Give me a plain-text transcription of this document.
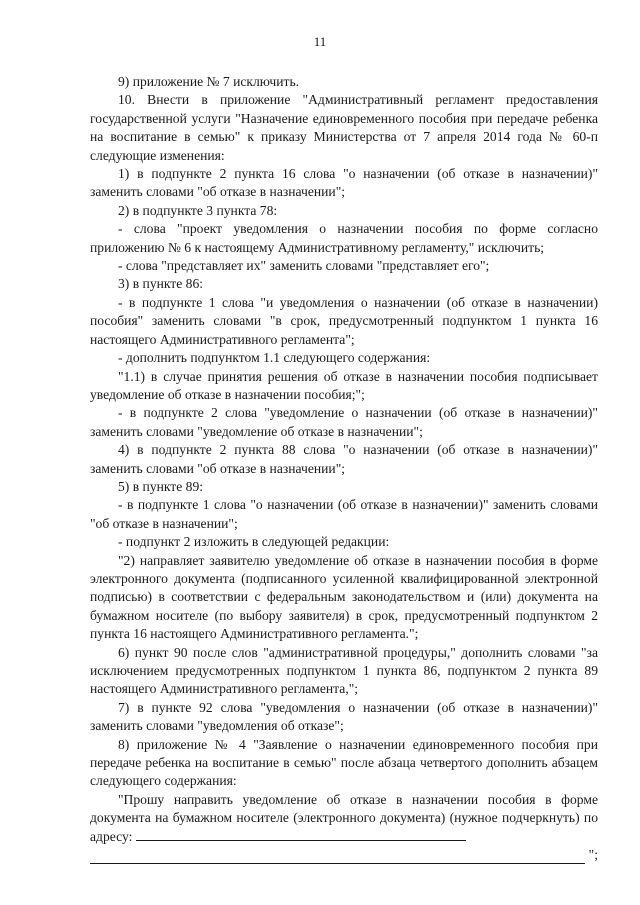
11

9) приложение № 7 исключить.

10. Внести в приложение "Административный регламент предоставления государственной услуги "Назначение единовременного пособия при передаче ребенка на воспитание в семью" к приказу Министерства от 7 апреля 2014 года № 60-п следующие изменения:

1) в подпункте 2 пункта 16 слова "о назначении (об отказе в назначении)" заменить словами "об отказе в назначении";

2) в подпункте 3 пункта 78:

- слова "проект уведомления о назначении пособия по форме согласно приложению № 6 к настоящему Административному регламенту," исключить;

- слова "представляет их" заменить словами "представляет его";

3) в пункте 86:

- в подпункте 1 слова "и уведомления о назначении (об отказе в назначении) пособия" заменить словами "в срок, предусмотренный подпунктом 1 пункта 16 настоящего Административного регламента";

- дополнить подпунктом 1.1 следующего содержания:

"1.1) в случае принятия решения об отказе в назначении пособия подписывает уведомление об отказе в назначении пособия;";

- в подпункте 2 слова "уведомление о назначении (об отказе в назначении)" заменить словами "уведомление об отказе в назначении";

4) в подпункте 2 пункта 88 слова "о назначении (об отказе в назначении)" заменить словами "об отказе в назначении";

5) в пункте 89:

- в подпункте 1 слова "о назначении (об отказе в назначении)" заменить словами "об отказе в назначении";

- подпункт 2 изложить в следующей редакции:

"2) направляет заявителю уведомление об отказе в назначении пособия в форме электронного документа (подписанного усиленной квалифицированной электронной подписью) в соответствии с федеральным законодательством и (или) документа на бумажном носителе (по выбору заявителя) в срок, предусмотренный подпунктом 2 пункта 16 настоящего Административного регламента.";

6) пункт 90 после слов "административной процедуры," дополнить словами "за исключением предусмотренных подпунктом 1 пункта 86, подпунктом 2 пункта 89 настоящего Административного регламента,";

7) в пункте 92 слова "уведомления о назначении (об отказе в назначении)" заменить словами "уведомления об отказе";

8) приложение № 4 "Заявление о назначении единовременного пособия при передаче ребенка на воспитание в семью" после абзаца четвертого дополнить абзацем следующего содержания:

"Прошу направить уведомление об отказе в назначении пособия в форме документа на бумажном носителе (электронного документа) (нужное подчеркнуть) по адресу:

";
